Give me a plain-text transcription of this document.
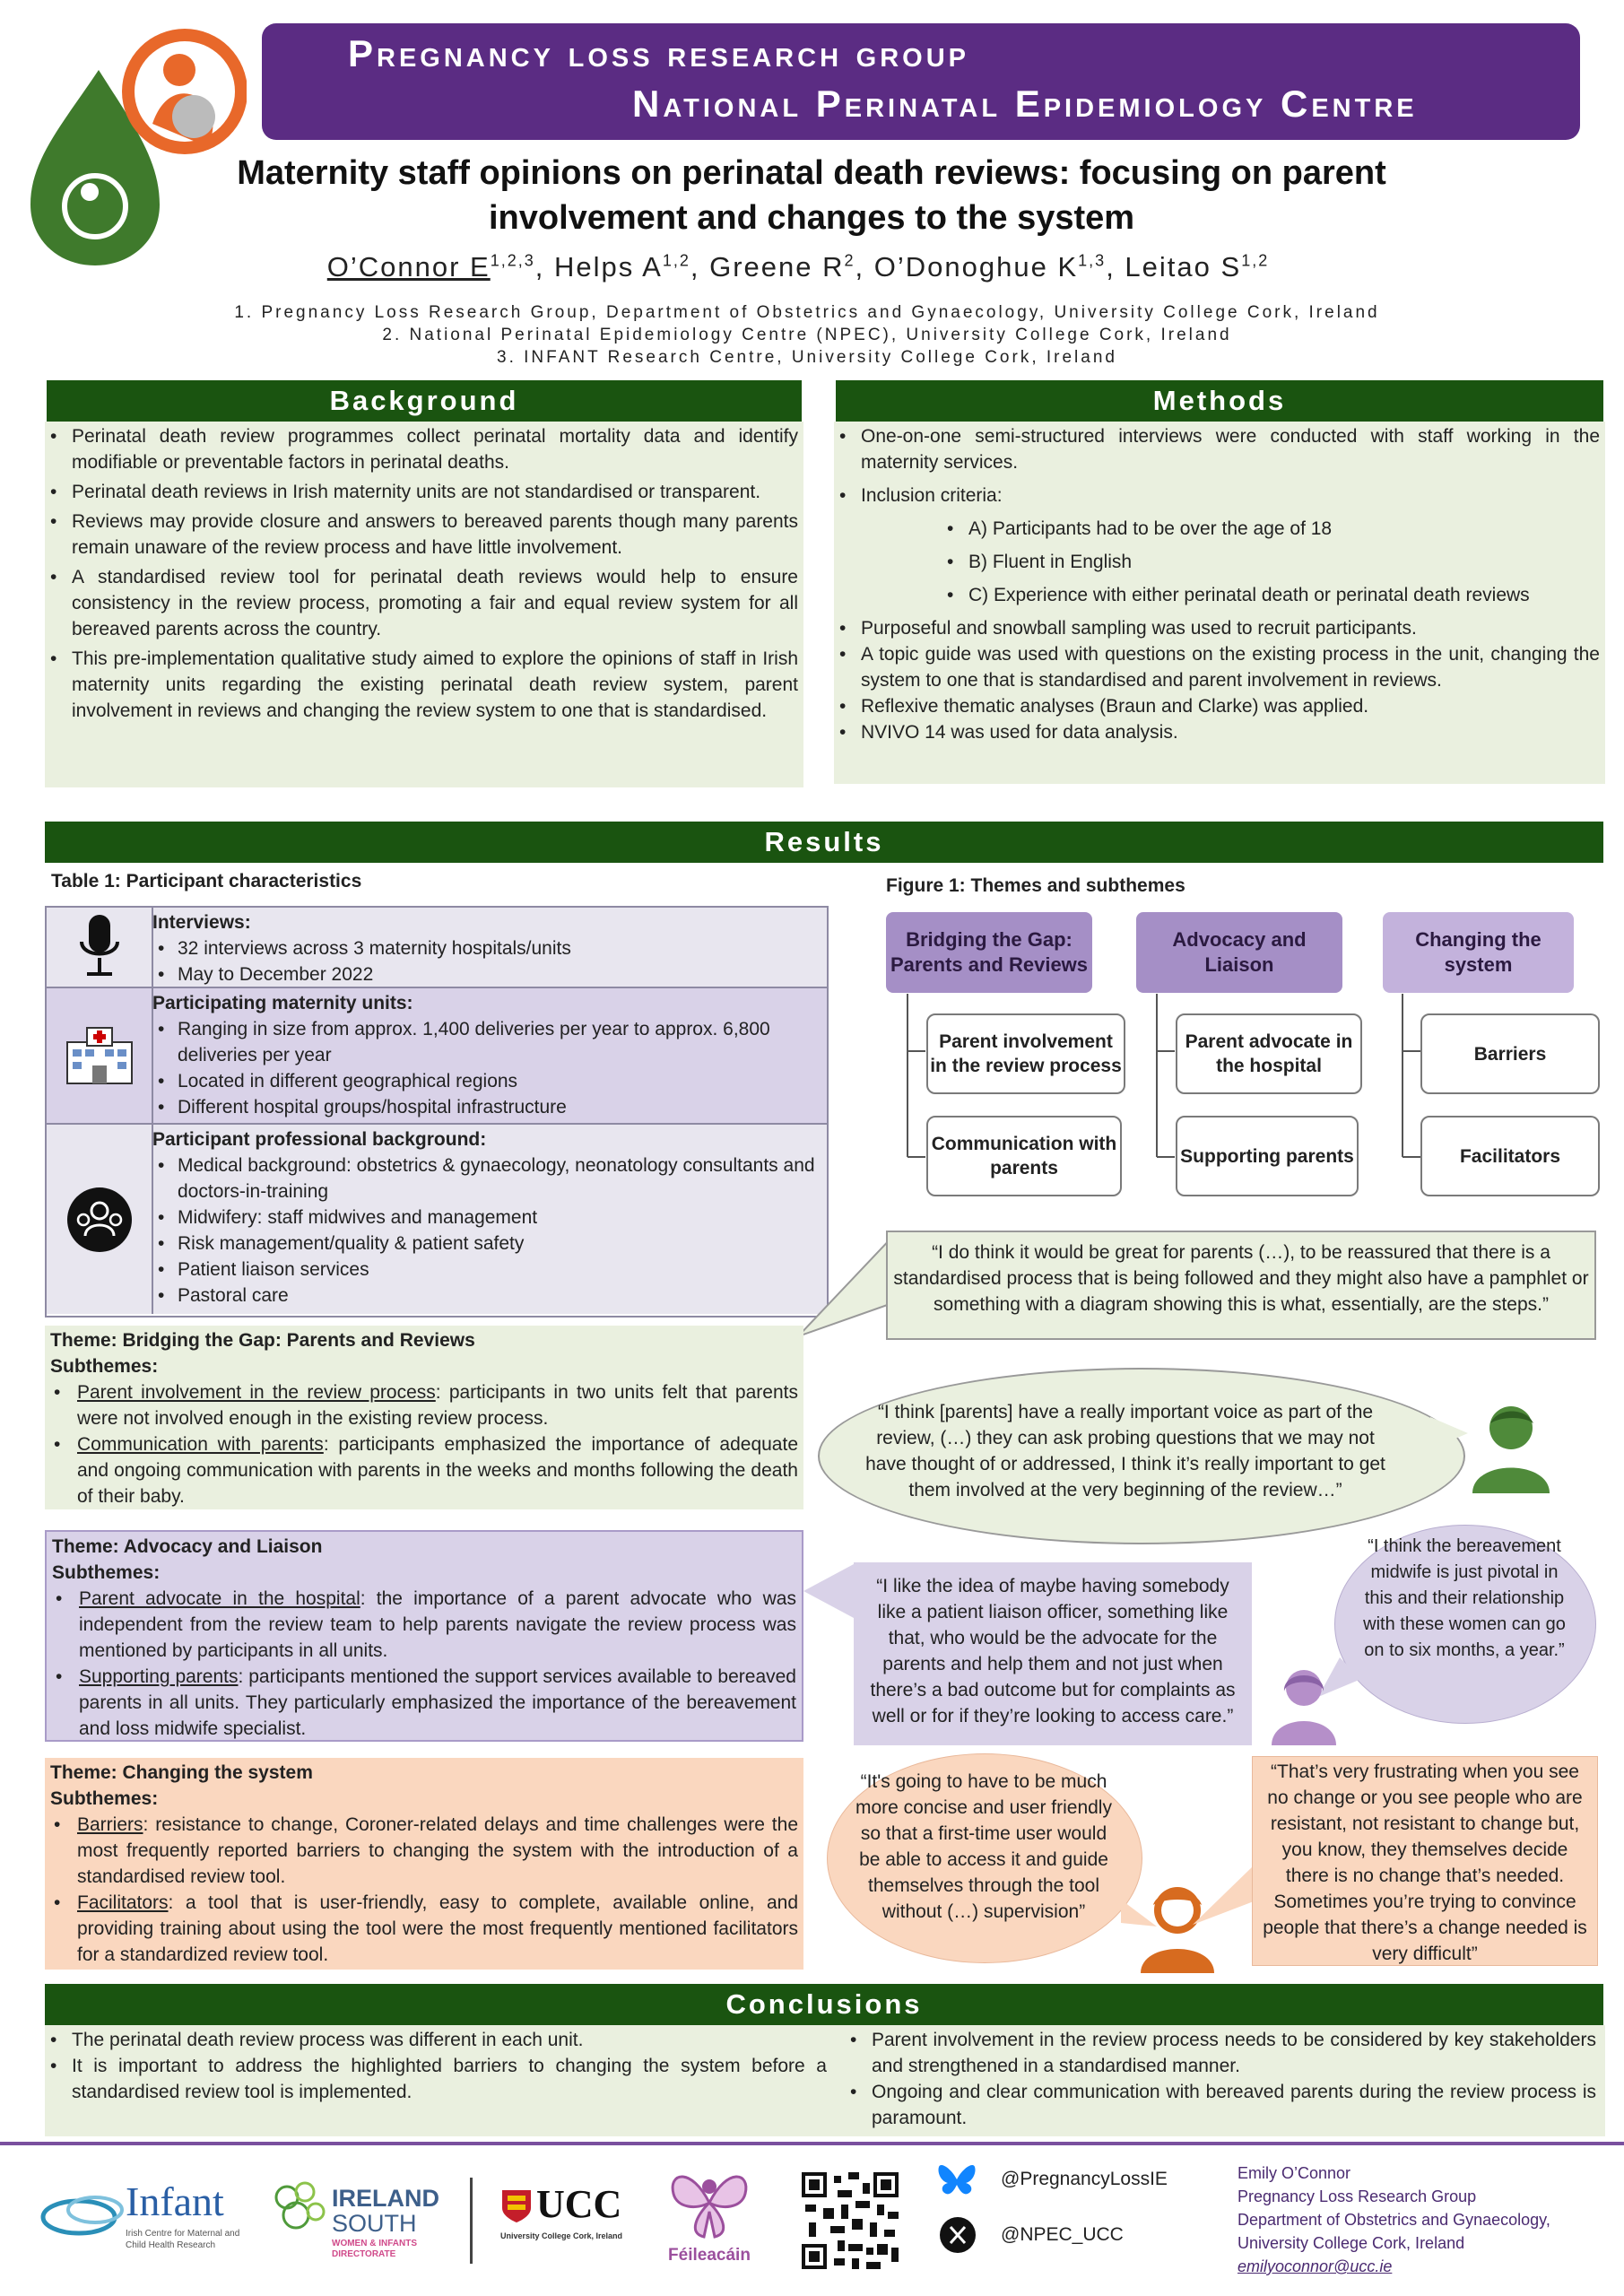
Pregnancy loss research group
National Perinatal Epidemiology Centre
Maternity staff opinions on perinatal death reviews: focusing on parent involvement and changes to the system
O’Connor E$^{1,2,3}$, Helps A$^{1,2}$, Greene $R^2$, O’Donoghue K$^{1,3}$, Leitao S$^{1,2}$
1. Pregnancy Loss Research Group, Department of Obstetrics and Gynaecology, University College Cork, Ireland
2. National Perinatal Epidemiology Centre (NPEC), University College Cork, Ireland
3. INFANT Research Centre, University College Cork, Ireland
Background
• Perinatal death review programmes collect perinatal mortality data and identify modifiable or preventable factors in perinatal deaths.
• Perinatal death reviews in Irish maternity units are not standardised or transparent.
• Reviews may provide closure and answers to bereaved parents though many parents remain unaware of the review process and have little involvement.
• A standardised review tool for perinatal death reviews would help to ensure consistency in the review process, promoting a fair and equal review system for all bereaved parents across the country.
• This pre-implementation qualitative study aimed to explore the opinions of staff in Irish maternity units regarding the existing perinatal death review system, parent involvement in reviews and changing the review system to one that is standardised.
Methods
• One-on-one semi-structured interviews were conducted with staff working in the maternity services.
• Inclusion criteria:
• A) Participants had to be over the age of 18
• B) Fluent in English
• C) Experience with either perinatal death or perinatal death reviews
• Purposeful and snowball sampling was used to recruit participants.
• A topic guide was used with questions on the existing process in the unit, changing the system to one that is standardised and parent involvement in reviews.
• Reflexive thematic analyses (Braun and Clarke) was applied.
• NVIVO 14 was used for data analysis.
Results
Table 1: Participant characteristics
Interviews:
• 32 interviews across 3 maternity hospitals/units
• May to December 2022
Participating maternity units:
• Ranging in size from approx. 1,400 deliveries per year to approx. 6,800 deliveries per year
• Located in different geographical regions
• Different hospital groups/hospital infrastructure
Participant professional background:
• Medical background: obstetrics & gynaecology, neonatology consultants and doctors-in-training
• Midwifery: staff midwives and management
• Risk management/quality & patient safety
• Patient liaison services
• Pastoral care
Figure 1: Themes and subthemes
Bridging the Gap: Parents and Reviews
Advocacy and Liaison
Changing the system
Parent involvement in the review process
Communication with parents
Parent advocate in the hospital
Supporting parents
Barriers
Facilitators
“I do think it would be great for parents (…), to be reassured that there is a standardised process that is being followed and they might also have a pamphlet or something with a diagram showing this is what, essentially, are the steps.”
Theme: Bridging the Gap: Parents and Reviews
Subthemes:
• Parent involvement in the review process: participants in two units felt that parents were not involved enough in the existing review process.
• Communication with parents: participants emphasized the importance of adequate and ongoing communication with parents in the weeks and months following the death of their baby.
“I think [parents] have a really important voice as part of the review, (…) they can ask probing questions that we may not have thought of or addressed, I think it’s really important to get them involved at the very beginning of the review…”
Theme: Advocacy and Liaison
Subthemes:
• Parent advocate in the hospital: the importance of a parent advocate who was independent from the review team to help parents navigate the review process was mentioned by participants in all units.
• Supporting parents: participants mentioned the support services available to bereaved parents in all units. They particularly emphasized the importance of the bereavement and loss midwife specialist.
“I like the idea of maybe having somebody like a patient liaison officer, something like that, who would be the advocate for the parents and help them and not just when there’s a bad outcome but for complaints as well or for if they’re looking to access care.”
“I think the bereavement midwife is just pivotal in this and their relationship with these women can go on to six months, a year.”
Theme: Changing the system
Subthemes:
• Barriers: resistance to change, Coroner-related delays and time challenges were the most frequently reported barriers to changing the system with the introduction of a standardised review tool.
• Facilitators: a tool that is user-friendly, easy to complete, available online, and providing training about using the tool were the most frequently mentioned facilitators for a standardized review tool.
“It's going to have to be much more concise and user friendly so that a first-time user would be able to access it and guide themselves through the tool without (…) supervision”
“That’s very frustrating when you see no change or you see people who are resistant, not resistant to change but, you know, they themselves decide there is no change that’s needed. Sometimes you’re trying to convince people that there’s a change needed is very difficult”
Conclusions
• The perinatal death review process was different in each unit.
• It is important to address the highlighted barriers to changing the system before a standardised review tool is implemented.
• Parent involvement in the review process needs to be considered by key stakeholders and strengthened in a standardised manner.
• Ongoing and clear communication with bereaved parents during the review process is paramount.
Infant
Irish Centre for Maternal and Child Health Research
IRELAND
SOUTH
WOMEN & INFANTS DIRECTORATE
UCC
University College Cork, Ireland
Féileacáin
@PregnancyLossIE
@NPEC_UCC
Emily O’Connor
Pregnancy Loss Research Group
Department of Obstetrics and Gynaecology,
University College Cork, Ireland
emilyoconnor@ucc.ie
